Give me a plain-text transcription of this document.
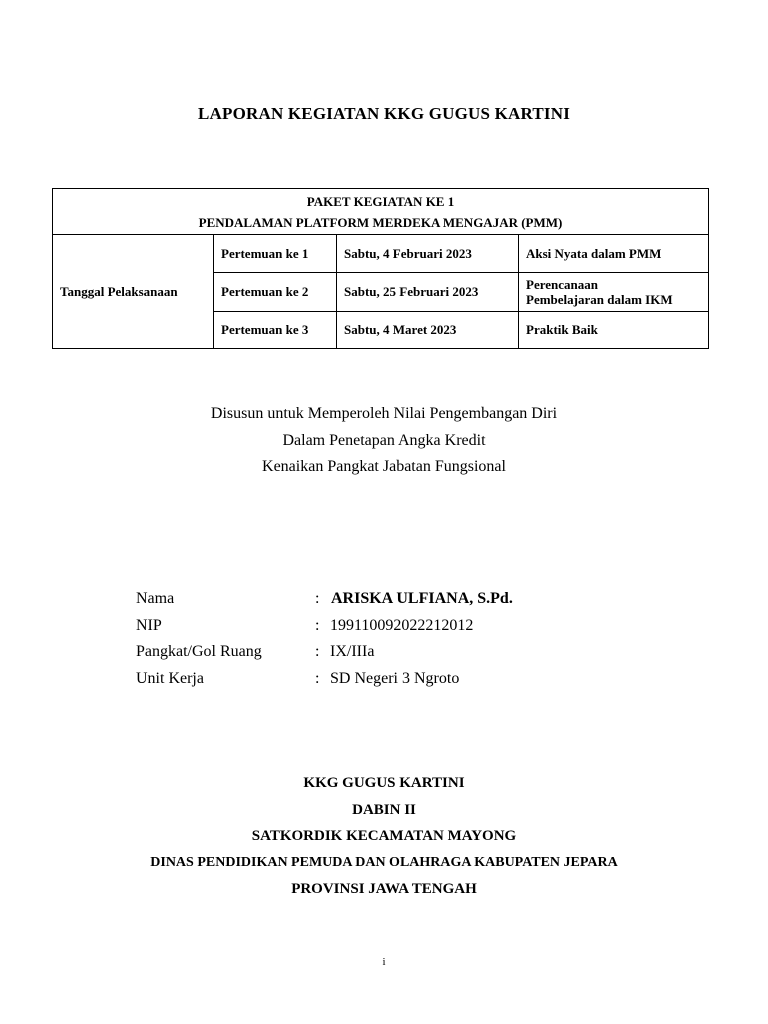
LAPORAN KEGIATAN KKG GUGUS KARTINI
PAKET KEGIATAN KE 1
PENDALAMAN PLATFORM MERDEKA MENGAJAR (PMM)			

Tanggal Pelaksanaan	Pertemuan ke 1	Sabtu, 4 Februari 2023	Aksi Nyata dalam PMM

	Pertemuan ke 2	Sabtu, 25 Februari 2023	Perencanaan
Pembelajaran dalam IKM

	Pertemuan ke 3	Sabtu, 4 Maret 2023	Praktik Baik
Disusun untuk Memperoleh Nilai Pengembangan Diri
Dalam Penetapan Angka Kredit
Kenaikan Pangkat Jabatan Fungsional
Nama	: ARISKA ULFIANA, S.Pd.
NIP	: 199110092022212012
Pangkat/Gol Ruang	: IX/IIIa
Unit Kerja	: SD Negeri 3 Ngroto
KKG GUGUS KARTINI
DABIN II
SATKORDIK KECAMATAN MAYONG
DINAS PENDIDIKAN PEMUDA DAN OLAHRAGA KABUPATEN JEPARA
PROVINSI JAWA TENGAH
i
